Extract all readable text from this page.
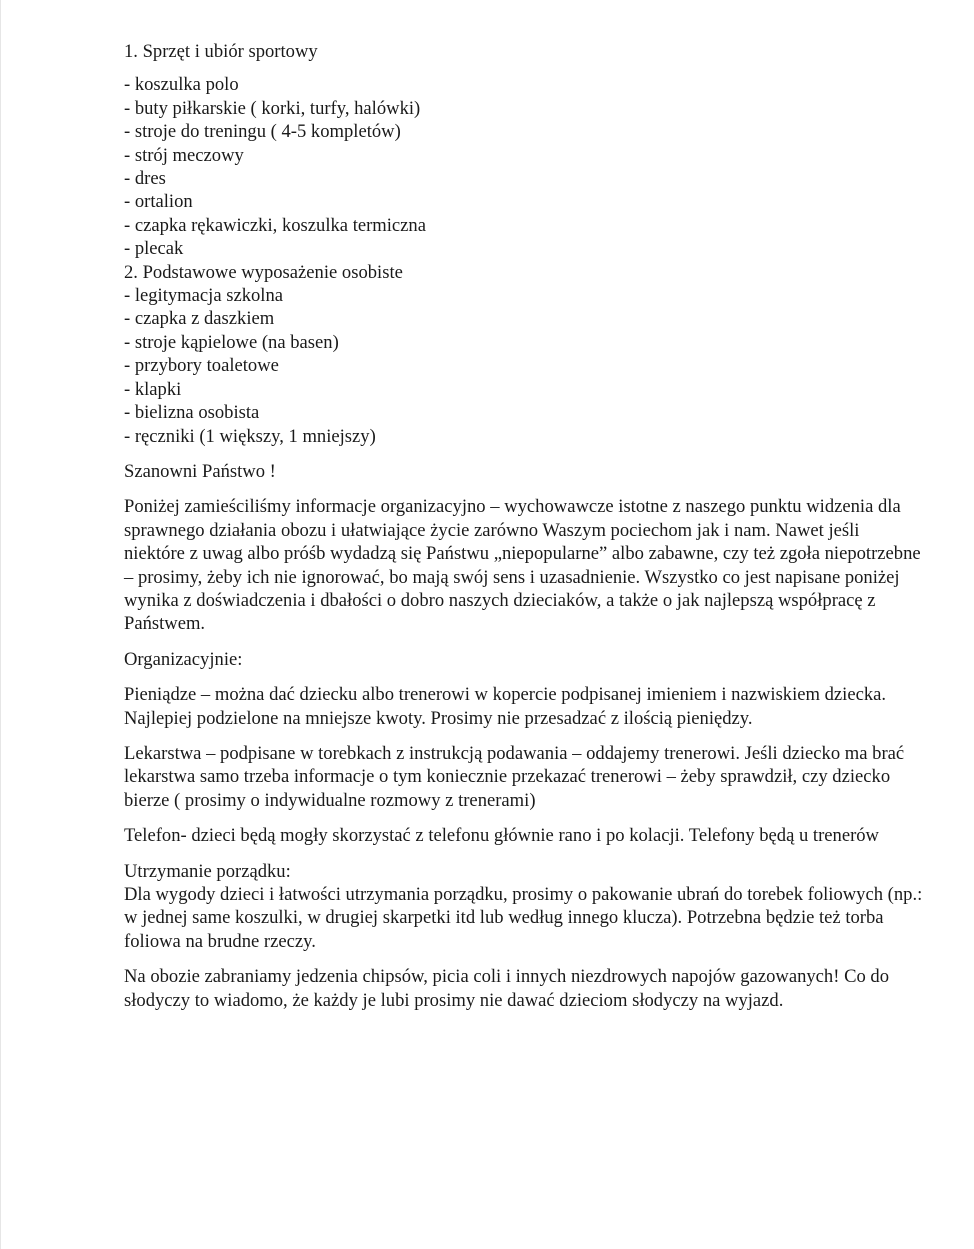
1. Sprzęt i ubiór sportowy

- koszulka polo
- buty piłkarskie ( korki, turfy, halówki)
- stroje do treningu ( 4-5 kompletów)
- strój meczowy
- dres
- ortalion
- czapka rękawiczki, koszulka termiczna
- plecak

2. Podstawowe wyposażenie osobiste

- legitymacja szkolna
- czapka z daszkiem
- stroje kąpielowe (na basen)
- przybory toaletowe
- klapki
- bielizna osobista
- ręczniki (1 większy, 1 mniejszy)

Szanowni Państwo !

Poniżej zamieściliśmy informacje organizacyjno – wychowawcze istotne z naszego punktu widzenia dla sprawnego działania obozu i ułatwiające życie zarówno Waszym pociechom jak i nam. Nawet jeśli niektóre z uwag albo próśb wydadzą się Państwu „niepopularne” albo zabawne, czy też zgoła niepotrzebne – prosimy, żeby ich nie ignorować, bo mają swój sens i uzasadnienie. Wszystko co jest napisane poniżej wynika z doświadczenia i dbałości o dobro naszych dzieciaków, a także o jak najlepszą współpracę z Państwem.

Organizacyjnie:

Pieniądze – można dać dziecku albo trenerowi w kopercie podpisanej imieniem i nazwiskiem dziecka. Najlepiej podzielone na mniejsze kwoty. Prosimy nie przesadzać z ilością pieniędzy.

Lekarstwa – podpisane w torebkach z instrukcją podawania – oddajemy trenerowi. Jeśli dziecko ma brać lekarstwa samo trzeba informacje o tym koniecznie przekazać trenerowi – żeby sprawdził, czy dziecko bierze ( prosimy o indywidualne rozmowy z trenerami)

Telefon- dzieci będą mogły skorzystać z telefonu głównie rano i po kolacji. Telefony będą u trenerów

Utrzymanie porządku:

Dla wygody dzieci i łatwości utrzymania porządku, prosimy o pakowanie ubrań do torebek foliowych (np.: w jednej same koszulki, w drugiej skarpetki itd lub według innego klucza). Potrzebna będzie też torba foliowa na brudne rzeczy.

Na obozie zabraniamy jedzenia chipsów, picia coli i innych niezdrowych napojów gazowanych! Co do słodyczy to wiadomo, że każdy je lubi prosimy nie dawać dzieciom słodyczy na wyjazd.
